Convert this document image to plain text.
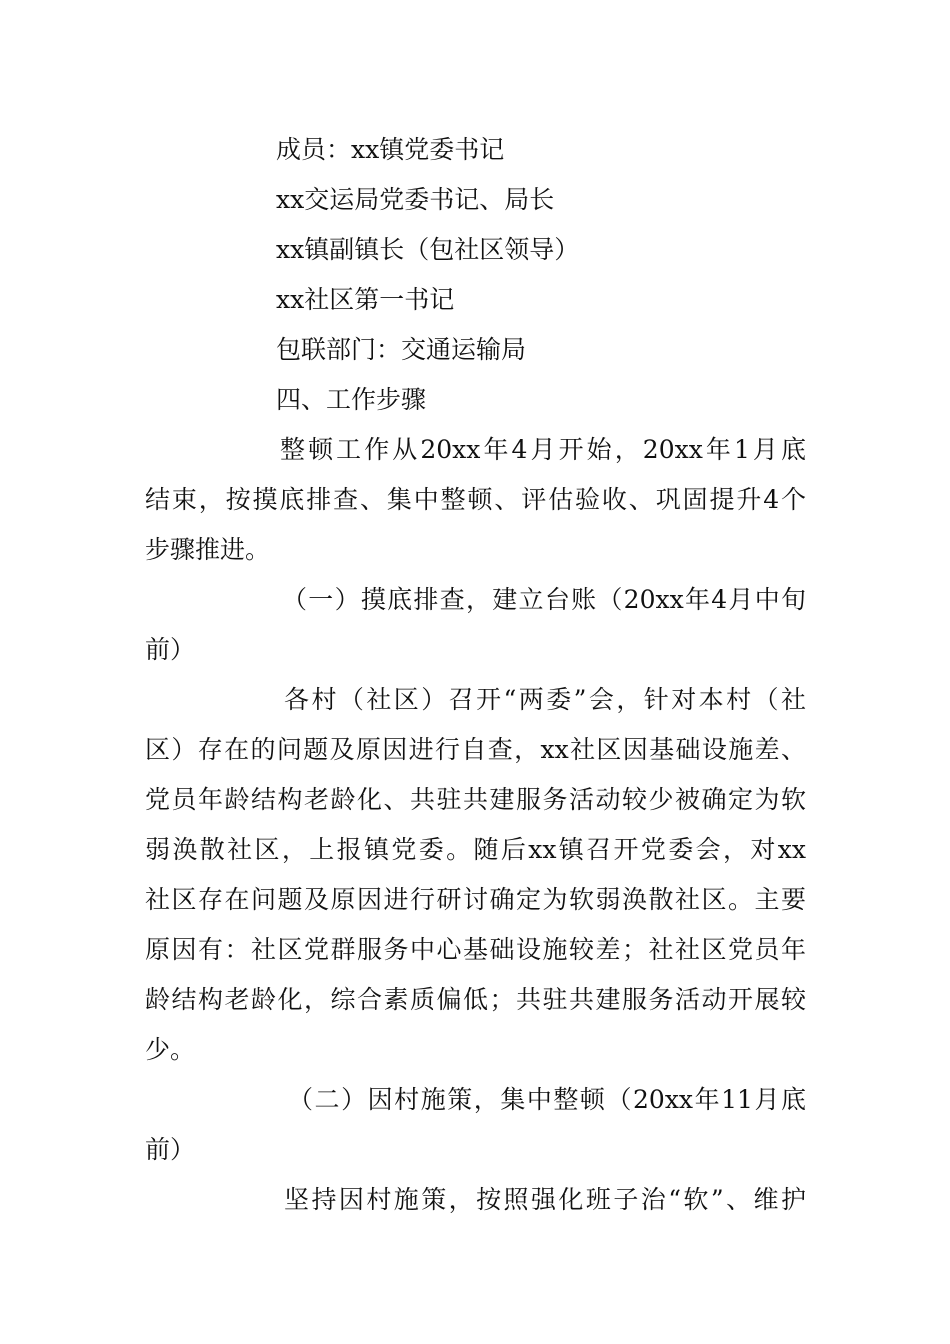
成员：xx镇党委书记
xx交运局党委书记、局长
xx镇副镇长（包社区领导）
xx社区第一书记
包联部门：交通运输局
四、工作步骤
整顿工作从20xx年4月开始，20xx年1月底
结束，按摸底排查、集中整顿、评估验收、巩固提升4个
步骤推进。
（一）摸底排查，建立台账（20xx年4月中旬
前）
各村（社区）召开“两委”会，针对本村（社
区）存在的问题及原因进行自查，xx社区因基础设施差、
党员年龄结构老龄化、共驻共建服务活动较少被确定为软
弱涣散社区，上报镇党委。随后xx镇召开党委会，对xx
社区存在问题及原因进行研讨确定为软弱涣散社区。主要
原因有：社区党群服务中心基础设施较差；社社区党员年
龄结构老龄化，综合素质偏低；共驻共建服务活动开展较
少。
（二）因村施策，集中整顿（20xx年11月底
前）
坚持因村施策，按照强化班子治“软”、维护
